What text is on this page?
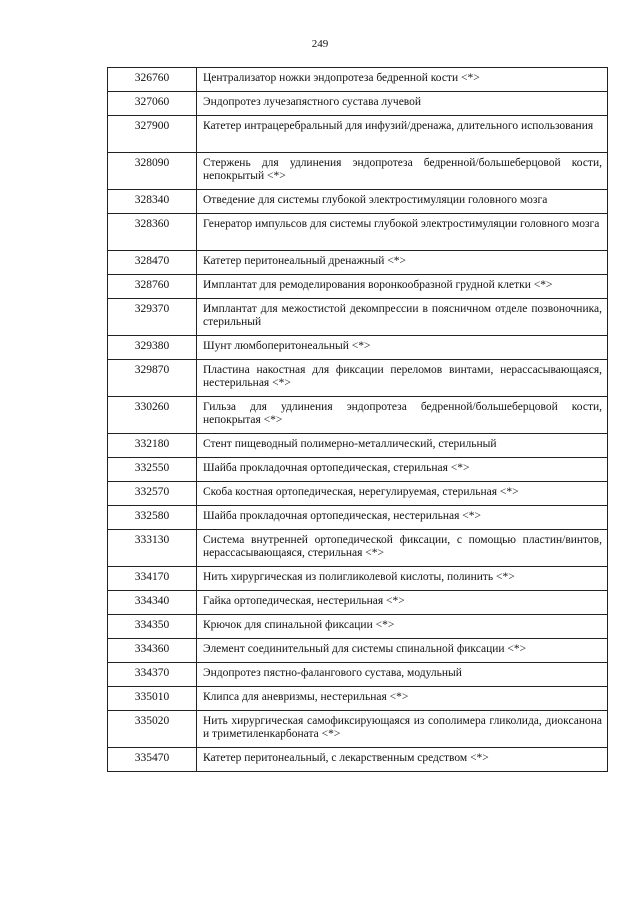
249
326760	Централизатор ножки эндопротеза бедренной кости <*>
327060	Эндопротез лучезапястного сустава лучевой
327900	Катетер интрацеребральный для инфузий/дренажа, длительного использования
328090	Стержень для удлинения эндопротеза бедренной/большеберцовой кости, непокрытый <*>
328340	Отведение для системы глубокой электростимуляции головного мозга
328360	Генератор импульсов для системы глубокой электростимуляции головного мозга
328470	Катетер перитонеальный дренажный <*>
328760	Имплантат для ремоделирования воронкообразной грудной клетки <*>
329370	Имплантат для межостистой декомпрессии в поясничном отделе позвоночника, стерильный
329380	Шунт люмбоперитонеальный <*>
329870	Пластина накостная для фиксации переломов винтами, нерассасывающаяся, нестерильная <*>
330260	Гильза для удлинения эндопротеза бедренной/большеберцовой кости, непокрытая <*>
332180	Стент пищеводный полимерно-металлический, стерильный
332550	Шайба прокладочная ортопедическая, стерильная <*>
332570	Скоба костная ортопедическая, нерегулируемая, стерильная <*>
332580	Шайба прокладочная ортопедическая, нестерильная <*>
333130	Система внутренней ортопедической фиксации, с помощью пластин/винтов, нерассасывающаяся, стерильная <*>
334170	Нить хирургическая из полигликолевой кислоты, полинить <*>
334340	Гайка ортопедическая, нестерильная <*>
334350	Крючок для спинальной фиксации <*>
334360	Элемент соединительный для системы спинальной фиксации <*>
334370	Эндопротез пястно-фалангового сустава, модульный
335010	Клипса для аневризмы, нестерильная <*>
335020	Нить хирургическая самофиксирующаяся из сополимера гликолида, диоксанона и триметиленкарбоната <*>
335470	Катетер перитонеальный, с лекарственным средством <*>
